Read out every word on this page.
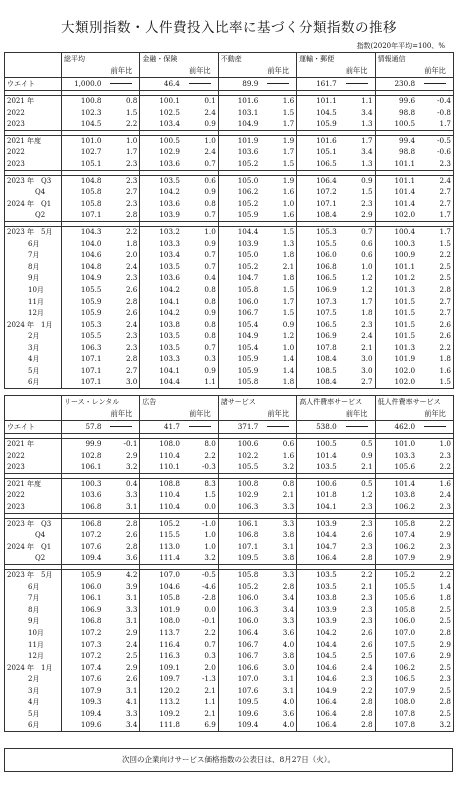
大類別指数・人件費投入比率に基づく分類指数の推移
指数(2020年平均=100、%
	総平均		金融・保険		不動産		運輸・郵便		情報通信	
		前年比		前年比		前年比		前年比		前年比
ウエイト	1,000.0		46.4		89.9		161.7		230.8	

2021 年	100.8	0.8	100.1	0.1	101.6	1.6	101.1	1.1	99.6	-0.4
2022	102.3	1.5	102.5	2.4	103.1	1.5	104.5	3.4	98.8	-0.8
2023	104.5	2.2	103.4	0.9	104.9	1.7	105.9	1.3	100.5	1.7

2021 年度	101.0	1.0	100.5	1.0	101.9	1.9	101.6	1.7	99.4	-0.5
2022	102.7	1.7	102.9	2.4	103.6	1.7	105.1	3.4	98.8	-0.6
2023	105.1	2.3	103.6	0.7	105.2	1.5	106.5	1.3	101.1	2.3

2023 年　Q3	104.8	2.3	103.5	0.6	105.0	1.9	106.4	0.9	101.1	2.4
　　　　Q4	105.8	2.7	104.2	0.9	106.2	1.6	107.2	1.5	101.4	2.7
2024 年　Q1	105.8	2.3	103.6	0.8	105.2	1.0	107.1	2.3	101.4	2.7
　　　　Q2	107.1	2.8	103.9	0.7	105.9	1.6	108.4	2.9	102.0	1.7

2023 年　5月	104.3	2.2	103.2	1.0	104.4	1.5	105.3	0.7	100.4	1.7
　　　6月	104.0	1.8	103.3	0.9	103.9	1.3	105.5	0.6	100.3	1.5
　　　7月	104.6	2.0	103.4	0.7	105.0	1.8	106.0	0.6	100.9	2.2
　　　8月	104.8	2.4	103.5	0.7	105.2	2.1	106.8	1.0	101.1	2.5
　　　9月	104.9	2.3	103.6	0.4	104.7	1.8	106.5	1.2	101.2	2.5
　　　10月	105.5	2.6	104.2	0.8	105.8	1.5	106.9	1.2	101.3	2.8
　　　11月	105.9	2.8	104.1	0.8	106.0	1.7	107.3	1.7	101.5	2.7
　　　12月	105.9	2.6	104.2	0.9	106.7	1.5	107.5	1.8	101.5	2.7
2024 年　1月	105.3	2.4	103.8	0.8	105.4	0.9	106.5	2.3	101.5	2.6
　　　2月	105.5	2.3	103.5	0.8	104.9	1.2	106.9	2.4	101.5	2.6
　　　3月	106.3	2.3	103.5	0.7	105.4	1.0	107.8	2.1	101.3	2.2
　　　4月	107.1	2.8	103.3	0.3	105.9	1.4	108.4	3.0	101.9	1.8
　　　5月	107.1	2.7	104.1	0.9	105.9	1.4	108.5	3.0	102.0	1.6
　　　6月	107.1	3.0	104.4	1.1	105.8	1.8	108.4	2.7	102.0	1.5
	リース・レンタル		広告		諸サービス		高人件費率サービス		低人件費率サービス	
		前年比		前年比		前年比		前年比		前年比
ウエイト	57.8		41.7		371.7		538.0		462.0	

2021 年	99.9	-0.1	108.0	8.0	100.6	0.6	100.5	0.5	101.0	1.0
2022	102.8	2.9	110.4	2.2	102.2	1.6	101.4	0.9	103.3	2.3
2023	106.1	3.2	110.1	-0.3	105.5	3.2	103.5	2.1	105.6	2.2

2021 年度	100.3	0.4	108.8	8.3	100.8	0.8	100.6	0.5	101.4	1.6
2022	103.6	3.3	110.4	1.5	102.9	2.1	101.8	1.2	103.8	2.4
2023	106.8	3.1	110.4	0.0	106.3	3.3	104.1	2.3	106.2	2.3

2023 年　Q3	106.8	2.8	105.2	-1.0	106.1	3.3	103.9	2.3	105.8	2.2
　　　　Q4	107.2	2.6	115.5	1.0	106.8	3.8	104.4	2.6	107.4	2.9
2024 年　Q1	107.6	2.8	113.0	1.0	107.1	3.1	104.7	2.3	106.2	2.3
　　　　Q2	109.4	3.6	111.4	3.2	109.5	3.8	106.4	2.8	107.9	2.9

2023 年　5月	105.9	4.2	107.0	-0.5	105.8	3.3	103.5	2.2	105.2	2.2
　　　6月	106.0	3.9	104.6	-4.6	105.2	2.8	103.5	2.1	105.5	1.4
　　　7月	106.1	3.1	105.8	-2.8	106.0	3.4	103.8	2.3	105.6	1.8
　　　8月	106.9	3.3	101.9	0.0	106.3	3.4	103.9	2.3	105.8	2.5
　　　9月	106.8	3.1	108.0	-0.1	106.0	3.3	103.9	2.3	106.0	2.5
　　　10月	107.2	2.9	113.7	2.2	106.4	3.6	104.2	2.6	107.0	2.8
　　　11月	107.3	2.4	116.4	0.7	106.7	4.0	104.4	2.6	107.5	2.9
　　　12月	107.2	2.5	116.3	0.3	106.7	3.8	104.5	2.5	107.6	2.9
2024 年　1月	107.4	2.9	109.1	2.0	106.6	3.0	104.6	2.4	106.2	2.5
　　　2月	107.6	2.6	109.7	-1.3	107.0	3.1	104.6	2.3	106.5	2.3
　　　3月	107.9	3.1	120.2	2.1	107.6	3.1	104.9	2.2	107.9	2.5
　　　4月	109.3	4.1	113.2	1.1	109.5	4.0	106.4	2.8	108.0	2.8
　　　5月	109.4	3.3	109.2	2.1	109.6	3.6	106.4	2.8	107.8	2.5
　　　6月	109.6	3.4	111.8	6.9	109.4	4.0	106.4	2.8	107.8	3.2
次回の企業向けサービス価格指数の公表日は、8月27日（火）。
